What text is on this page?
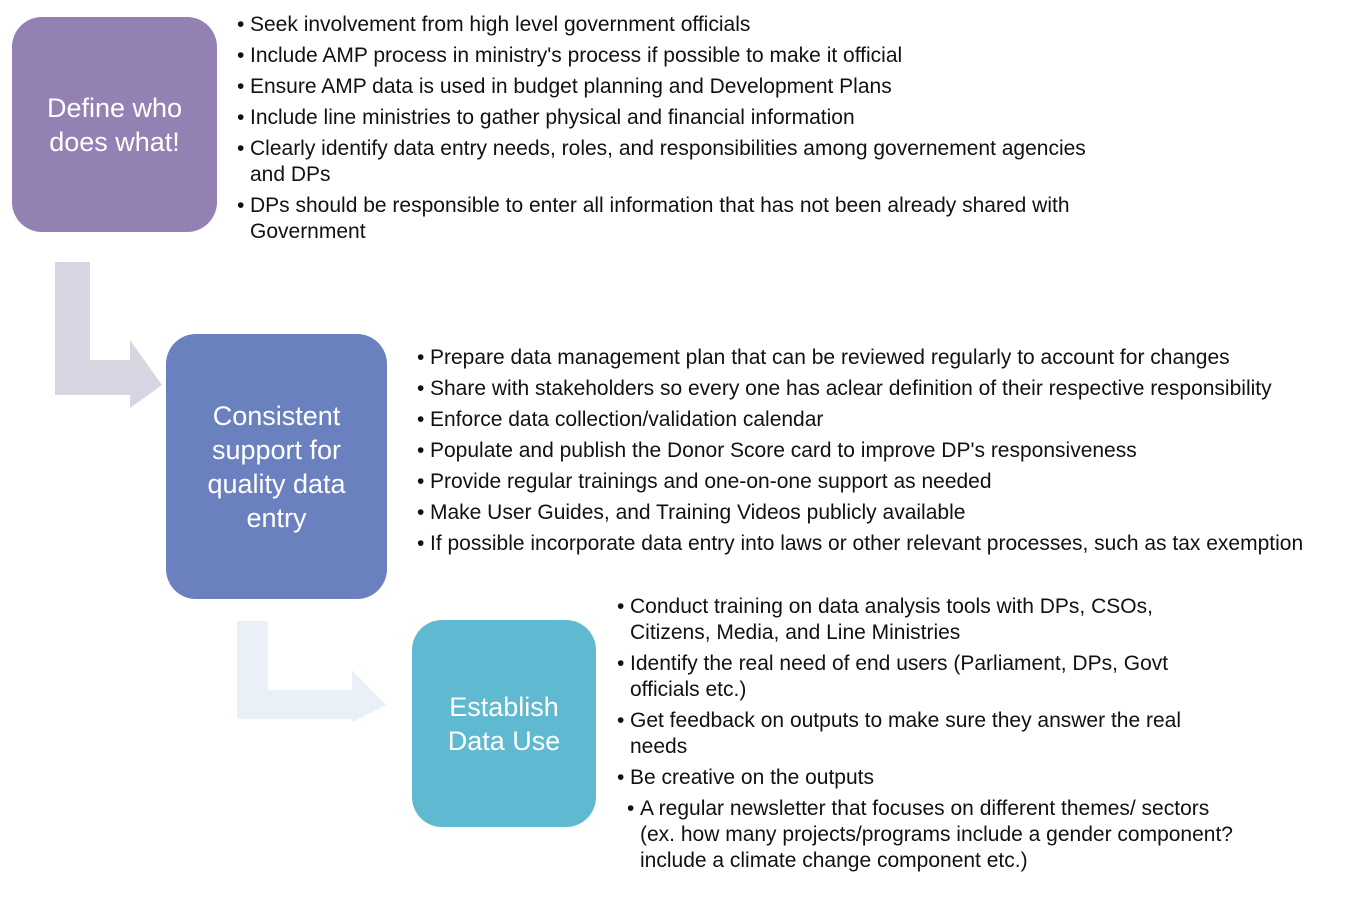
Define who does what!
• Seek involvement from high level government officials
• Include AMP process in ministry's process if possible to make it official
• Ensure AMP data is used in budget planning and Development Plans
• Include line ministries to gather physical and financial information
• Clearly identify data entry needs, roles, and responsibilities among governement agencies and DPs
• DPs should be responsible to enter all information that has not been already shared with Government
Consistent support for quality data entry
• Prepare data management plan that can be reviewed regularly to account for changes
• Share with stakeholders so every one has aclear definition of their respective responsibility
• Enforce data collection/validation calendar
• Populate and publish the Donor Score card to improve DP's responsiveness
• Provide regular trainings and one-on-one support as needed
• Make User Guides, and Training Videos publicly available
• If possible incorporate data entry into laws or other relevant processes, such as tax exemption
Establish Data Use
• Conduct training on data analysis tools with DPs, CSOs, Citizens, Media, and Line Ministries
• Identify the real need of end users (Parliament, DPs, Govt officials etc.)
• Get feedback on outputs to make sure they answer the real needs
• Be creative on the outputs
• A regular newsletter that focuses on different themes/ sectors (ex. how many projects/programs include a gender component? include a climate change component etc.)
